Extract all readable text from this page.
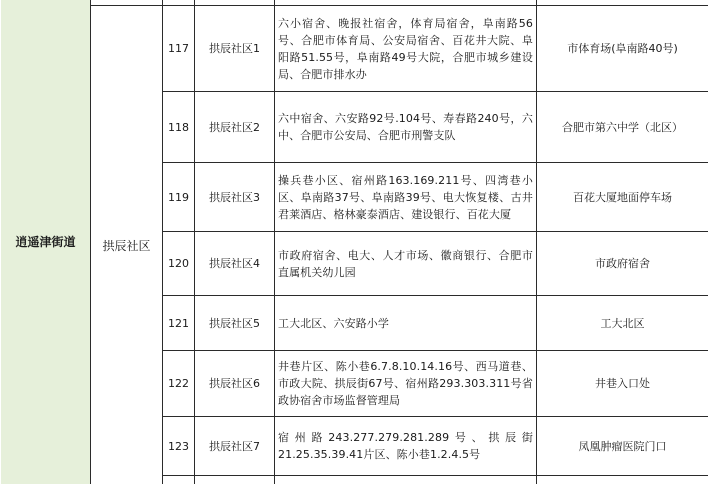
逍遥津街道					
	拱辰社区	117	拱辰社区1	六小宿舍、晚报社宿舍，体育局宿舍，阜南路56号、合肥市体育局、公安局宿舍、百花井大院、阜阳路51.55号，阜南路49号大院，合肥市城乡建设局、合肥市排水办	市体育场(阜南路40号)
		118	拱辰社区2	六中宿舍、六安路92号.104号、寿春路240号，六中、合肥市公安局、合肥市刑警支队	合肥市第六中学（北区）
		119	拱辰社区3	操兵巷小区、宿州路163.169.211号、四湾巷小区、阜南路37号、阜南路39号、电大恢复楼、古井君莱酒店、格林豪泰酒店、建设银行、百花大厦	百花大厦地面停车场
		120	拱辰社区4	市政府宿舍、电大、人才市场、徽商银行、合肥市直属机关幼儿园	市政府宿舍
		121	拱辰社区5	工大北区、六安路小学	工大北区
		122	拱辰社区6	井巷片区、陈小巷6.7.8.10.14.16号、西马道巷、市政大院、拱辰街67号、宿州路293.303.311号省政协宿舍市场监督管理局	井巷入口处
		123	拱辰社区7	宿州路243.277.279.281.289号、拱辰街21.25.35.39.41片区、陈小巷1.2.4.5号	凤凰肿瘤医院门口
